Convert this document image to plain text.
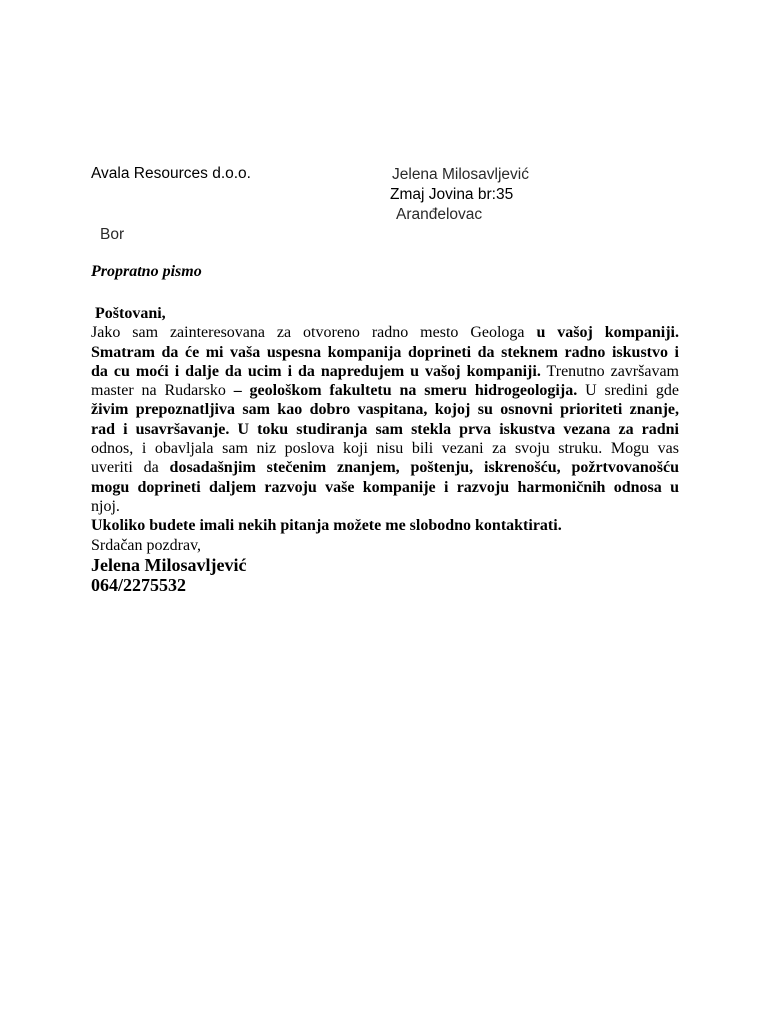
Avala Resources d.o.o.	Jelena Milosavljević
Zmaj Jovina br:35
Aranđelovac
Bor
Propratno pismo
Poštovani,
Jako sam zainteresovana za otvoreno radno mesto Geologa u vašoj kompaniji.
Smatram da će mi vaša uspesna kompanija doprineti da steknem radno iskustvo i
da cu moći i dalje da ucim i da napredujem u vašoj kompaniji. Trenutno završavam
master na Rudarsko – geološkom fakultetu na smeru hidrogeologija. U sredini gde
živim prepoznatljiva sam kao dobro vaspitana, kojoj su osnovni prioriteti znanje,
rad i usavršavanje. U toku studiranja sam stekla prva iskustva vezana za radni
odnos, i obavljala sam niz poslova koji nisu bili vezani za svoju struku. Mogu vas
uveriti da dosadašnjim stečenim znanjem, poštenju, iskrenošću, požrtvovanošću
mogu doprineti daljem razvoju vaše kompanije i razvoju harmoničnih odnosa u
njoj.
Ukoliko budete imali nekih pitanja možete me slobodno kontaktirati.
Srdačan pozdrav,
Jelena Milosavljević
064/2275532
